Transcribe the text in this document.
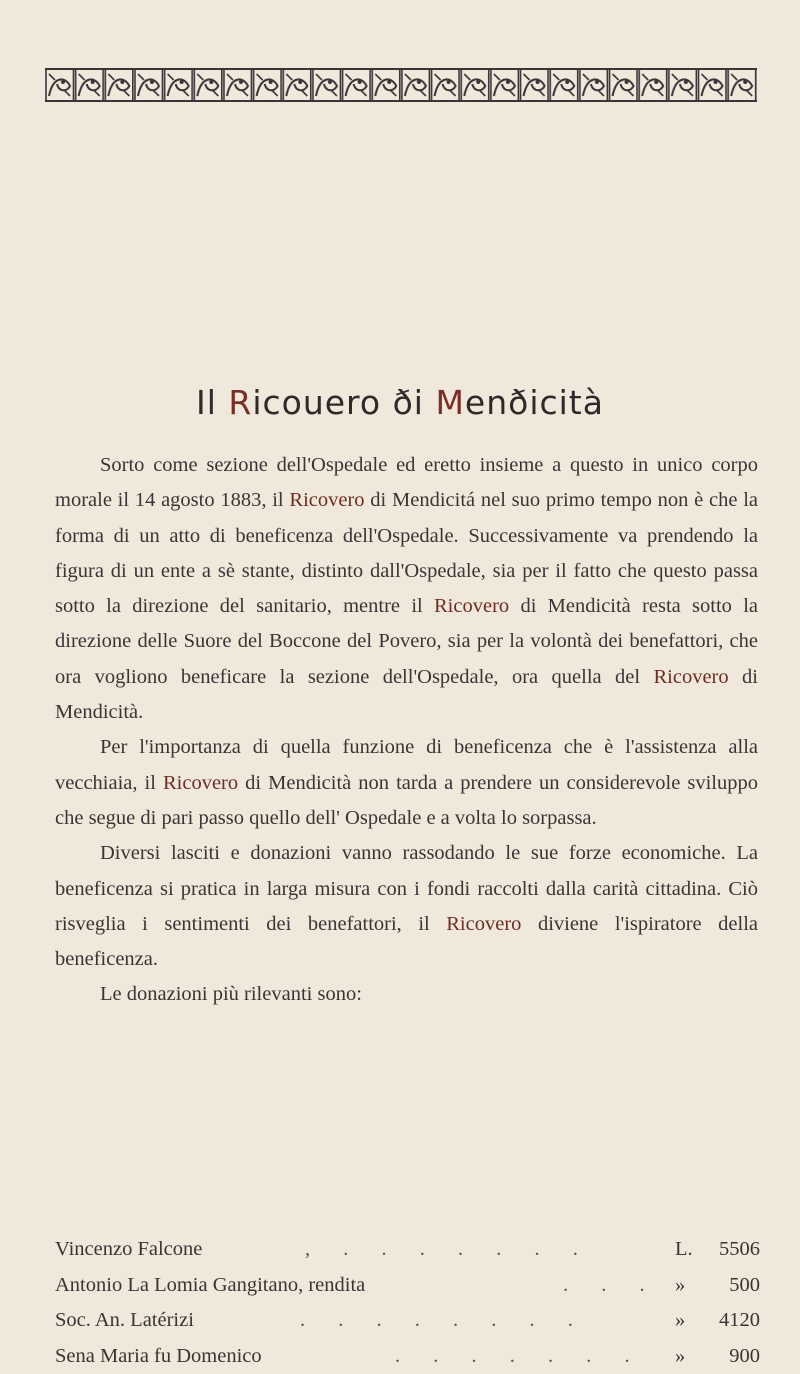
Il Ricouero ði Menðicità

Sorto come sezione dell'Ospedale ed eretto insieme a questo in unico corpo morale il 14 agosto 1883, il Ricovero di Mendicitá nel suo primo tempo non è che la forma di un atto di beneficenza dell'Ospedale. Successivamente va prendendo la figura di un ente a sè stante, distinto dall'Ospedale, sia per il fatto che questo passa sotto la direzione del sanitario, mentre il Ricovero di Mendicità resta sotto la direzione delle Suore del Boccone del Povero, sia per la volontà dei benefattori, che ora vogliono beneficare la sezione dell'Ospedale, ora quella del Ricovero di Mendicità.

Per l'importanza di quella funzione di beneficenza che è l'assistenza alla vecchiaia, il Ricovero di Mendicità non tarda a prendere un considerevole sviluppo che segue di pari passo quello dell' Ospedale e a volta lo sorpassa.

Diversi lasciti e donazioni vanno rassodando le sue forze economiche. La beneficenza si pratica in larga misura con i fondi raccolti dalla carità cittadina. Ciò risveglia i sentimenti dei benefattori, il Ricovero diviene l'ispiratore della beneficenza.

Le donazioni più rilevanti sono:

Vincenzo Falcone	, . . . . . . .	L. 5506
Antonio La Lomia Gangitano, rendita	. . . » 500
Soc. An. Latérizi	. . . . . . . .	» 4120
Sena Maria fu Domenico	. . . . . . . » 900
